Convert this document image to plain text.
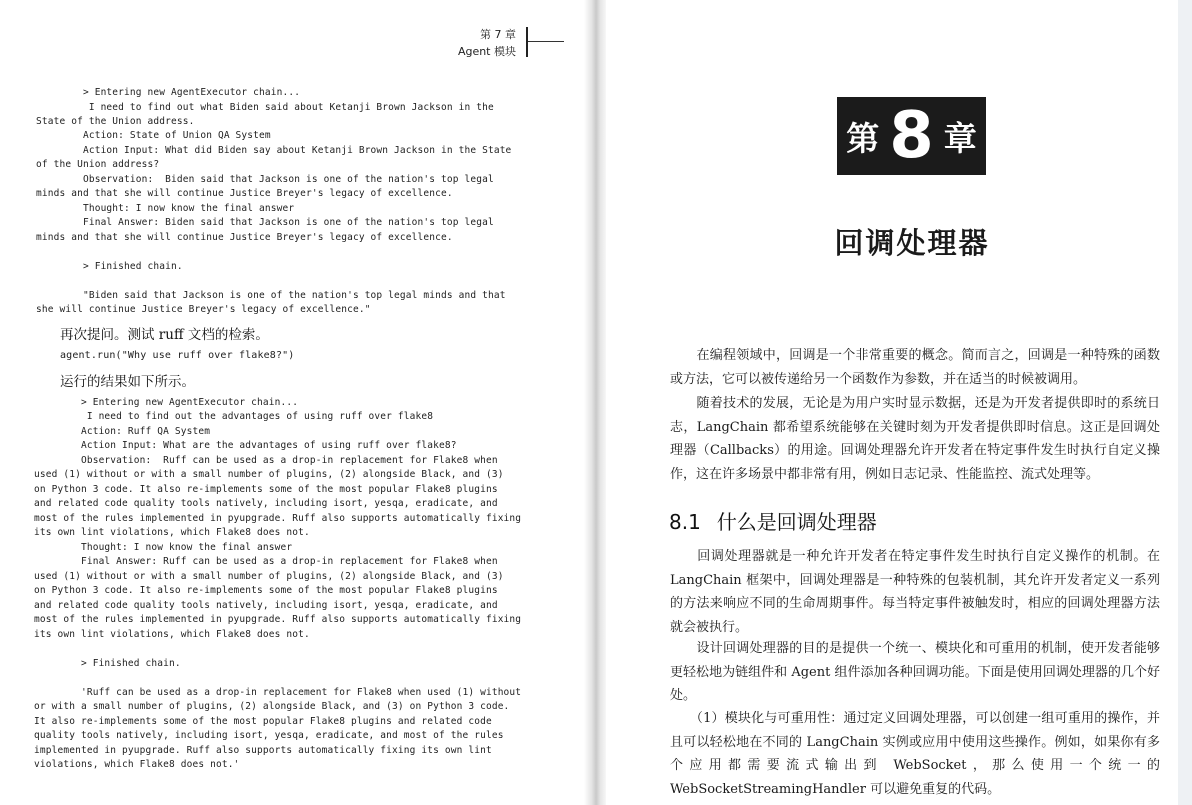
第 7 章
Agent 模块
> Entering new AgentExecutor chain...
I need to find out what Biden said about Ketanji Brown Jackson in the
State of the Union address.
Action: State of Union QA System
Action Input: What did Biden say about Ketanji Brown Jackson in the State
of the Union address?
Observation:  Biden said that Jackson is one of the nation's top legal
minds and that she will continue Justice Breyer's legacy of excellence.
Thought: I now know the final answer
Final Answer: Biden said that Jackson is one of the nation's top legal
minds and that she will continue Justice Breyer's legacy of excellence.
> Finished chain.
"Biden said that Jackson is one of the nation's top legal minds and that
she will continue Justice Breyer's legacy of excellence."
再次提问。测试 ruff 文档的检索。
agent.run("Why use ruff over flake8?")
运行的结果如下所示。
> Entering new AgentExecutor chain...
I need to find out the advantages of using ruff over flake8
Action: Ruff QA System
Action Input: What are the advantages of using ruff over flake8?
Observation:  Ruff can be used as a drop-in replacement for Flake8 when
used (1) without or with a small number of plugins, (2) alongside Black, and (3)
on Python 3 code. It also re-implements some of the most popular Flake8 plugins
and related code quality tools natively, including isort, yesqa, eradicate, and
most of the rules implemented in pyupgrade. Ruff also supports automatically fixing
its own lint violations, which Flake8 does not.
Thought: I now know the final answer
Final Answer: Ruff can be used as a drop-in replacement for Flake8 when
used (1) without or with a small number of plugins, (2) alongside Black, and (3)
on Python 3 code. It also re-implements some of the most popular Flake8 plugins
and related code quality tools natively, including isort, yesqa, eradicate, and
most of the rules implemented in pyupgrade. Ruff also supports automatically fixing
its own lint violations, which Flake8 does not.
> Finished chain.
'Ruff can be used as a drop-in replacement for Flake8 when used (1) without
or with a small number of plugins, (2) alongside Black, and (3) on Python 3 code.
It also re-implements some of the most popular Flake8 plugins and related code
quality tools natively, including isort, yesqa, eradicate, and most of the rules
implemented in pyupgrade. Ruff also supports automatically fixing its own lint
violations, which Flake8 does not.'
第 8 章
回调处理器
　　在编程领域中，回调是一个非常重要的概念。简而言之，回调是一种特殊的函数或方法，它可以被传递给另一个函数作为参数，并在适当的时候被调用。
　　随着技术的发展，无论是为用户实时显示数据，还是为开发者提供即时的系统日志，LangChain 都希望系统能够在关键时刻为开发者提供即时信息。这正是回调处理器（Callbacks）的用途。回调处理器允许开发者在特定事件发生时执行自定义操作，这在许多场景中都非常有用，例如日志记录、性能监控、流式处理等。
8.1 什么是回调处理器
　　回调处理器就是一种允许开发者在特定事件发生时执行自定义操作的机制。在 LangChain 框架中，回调处理器是一种特殊的包装机制，其允许开发者定义一系列的方法来响应不同的生命周期事件。每当特定事件被触发时，相应的回调处理器方法就会被执行。
　　设计回调处理器的目的是提供一个统一、模块化和可重用的机制，使开发者能够更轻松地为链组件和 Agent 组件添加各种回调功能。下面是使用回调处理器的几个好处。
　　（1）模块化与可重用性：通过定义回调处理器，可以创建一组可重用的操作，并且可以轻松地在不同的 LangChain 实例或应用中使用这些操作。例如，如果你有多个应用都需要流式输出到 WebSocket，那么使用一个统一的 WebSocketStreamingHandler 可以避免重复的代码。
